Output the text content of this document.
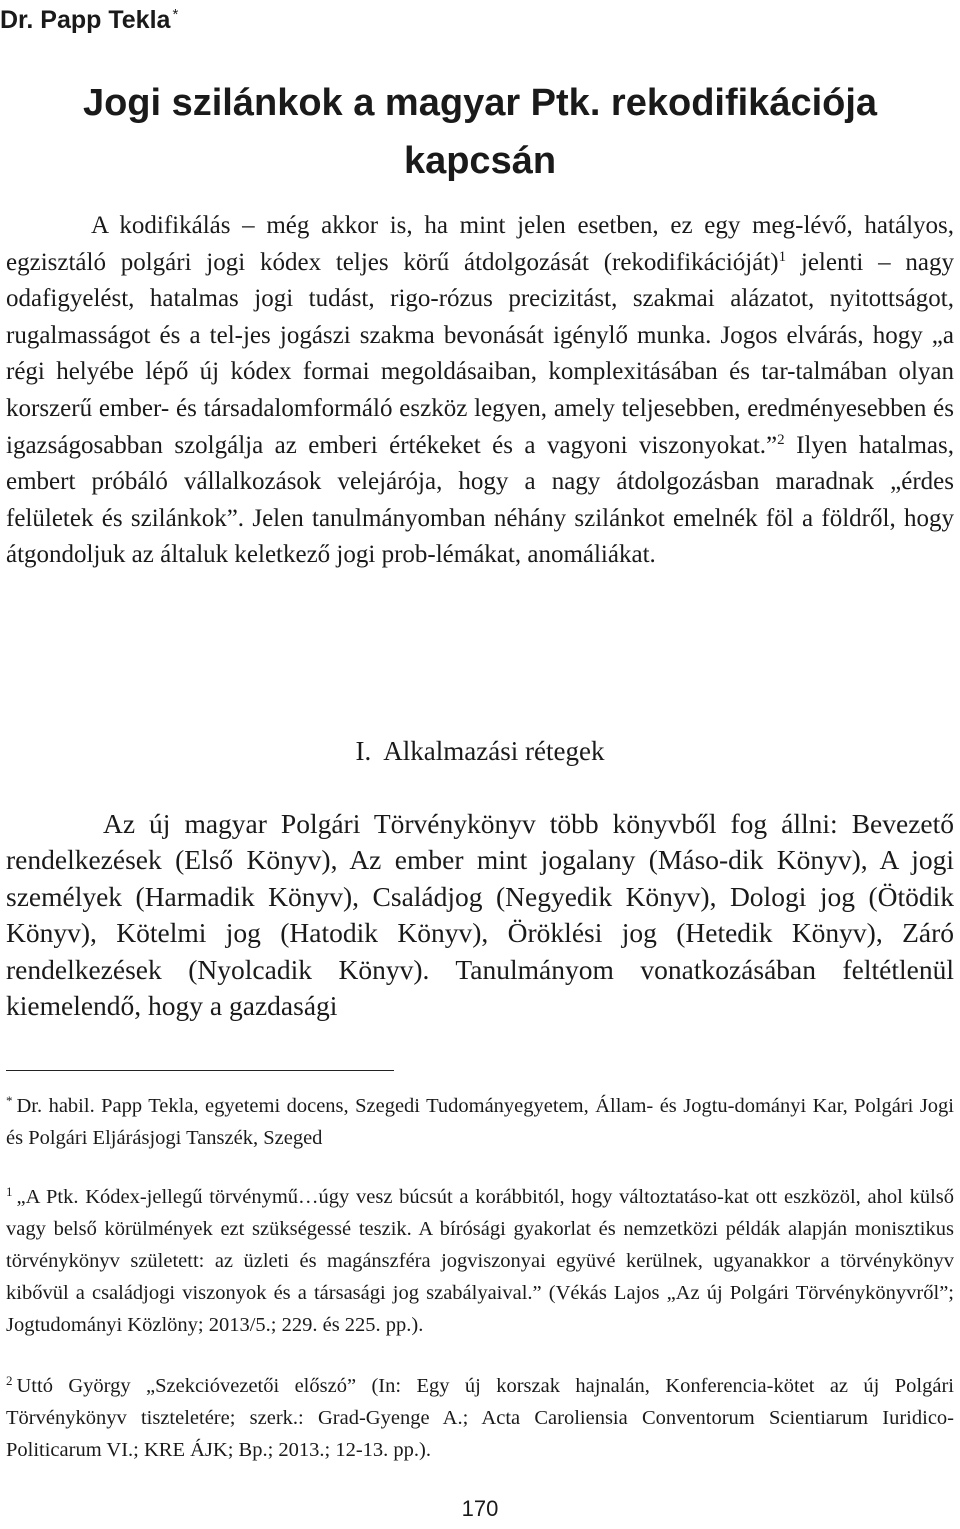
Dr. Papp Tekla *
Jogi szilánkok a magyar Ptk. rekodifikációja
kapcsán

A kodifikálás – még akkor is, ha mint jelen esetben, ez egy meg-lévő, hatályos, egzisztáló polgári jogi kódex teljes körű átdolgozását (rekodifikációját)$^1$ jelenti – nagy odafigyelést, hatalmas jogi tudást, rigo-rózus precizitást, szakmai alázatot, nyitottságot, rugalmasságot és a tel-jes jogászi szakma bevonását igénylő munka. Jogos elvárás, hogy „a régi helyébe lépő új kódex formai megoldásaiban, komplexitásában és tar-talmában olyan korszerű ember- és társadalomformáló eszköz legyen, amely teljesebben, eredményesebben és igazságosabban szolgálja az emberi értékeket és a vagyoni viszonyokat.”$^2$ Ilyen hatalmas, embert próbáló vállalkozások velejárója, hogy a nagy átdolgozásban maradnak „érdes felületek és szilánkok”. Jelen tanulmányomban néhány szilánkot emelnék föl a földről, hogy átgondoljuk az általuk keletkező jogi prob-lémákat, anomáliákat.

I. Alkalmazási rétegek

Az új magyar Polgári Törvénykönyv több könyvből fog állni: Bevezető rendelkezések (Első Könyv), Az ember mint jogalany (Máso-dik Könyv), A jogi személyek (Harmadik Könyv), Családjog (Negyedik Könyv), Dologi jog (Ötödik Könyv), Kötelmi jog (Hatodik Könyv), Öröklési jog (Hetedik Könyv), Záró rendelkezések (Nyolcadik Könyv). Tanulmányom vonatkozásában feltétlenül kiemelendő, hogy a gazdasági

* Dr. habil. Papp Tekla, egyetemi docens, Szegedi Tudományegyetem, Állam- és Jogtu-dományi Kar, Polgári Jogi és Polgári Eljárásjogi Tanszék, Szeged

$^1$ „A Ptk. Kódex-jellegű törvénymű…úgy vesz búcsút a korábbitól, hogy változtatáso-kat ott eszközöl, ahol külső vagy belső körülmények ezt szükségessé teszik. A bírósági gyakorlat és nemzetközi példák alapján monisztikus törvénykönyv született: az üzleti és magánszféra jogviszonyai együvé kerülnek, ugyanakkor a törvénykönyv kibővül a családjogi viszonyok és a társasági jog szabályaival.” (Vékás Lajos „Az új Polgári Törvénykönyvről”; Jogtudományi Közlöny; 2013/5.; 229. és 225. pp.).

$^2$ Uttó György „Szekcióvezetői előszó” (In: Egy új korszak hajnalán, Konferencia-kötet az új Polgári Törvénykönyv tiszteletére; szerk.: Grad-Gyenge A.; Acta Caroliensia Conventorum Scientiarum Iuridico-Politicarum VI.; KRE ÁJK; Bp.; 2013.; 12-13. pp.).

170
